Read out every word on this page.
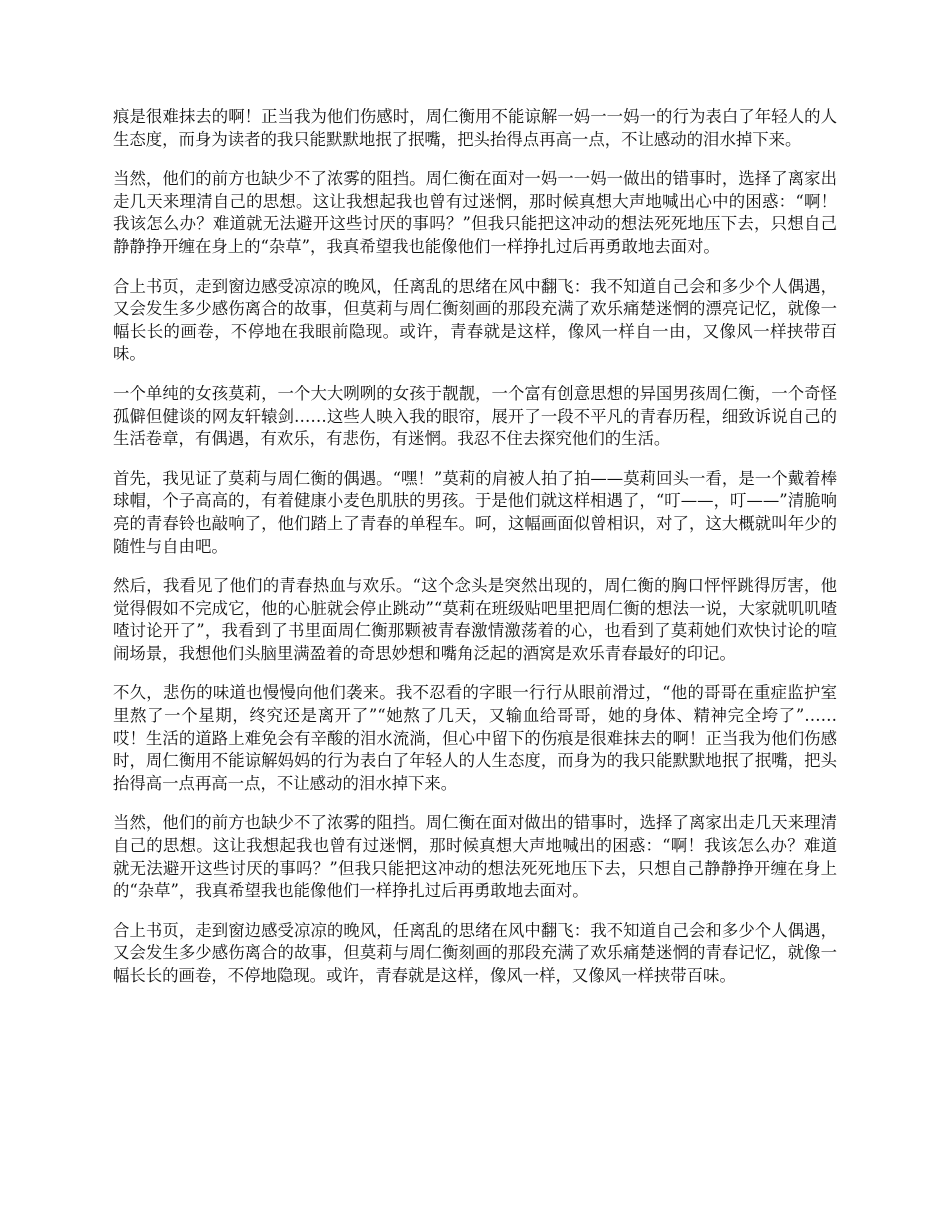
痕是很难抹去的啊！正当我为他们伤感时，周仁衡用不能谅解一妈一一妈一的行为表白了年轻人的人生态度，而身为读者的我只能默默地抿了抿嘴，把头抬得点再高一点，不让感动的泪水掉下来。

当然，他们的前方也缺少不了浓雾的阻挡。周仁衡在面对一妈一一妈一做出的错事时，选择了离家出走几天来理清自己的思想。这让我想起我也曾有过迷惘，那时候真想大声地喊出心中的困惑：“啊！我该怎么办？难道就无法避开这些讨厌的事吗？”但我只能把这冲动的想法死死地压下去，只想自己静静挣开缠在身上的“杂草”，我真希望我也能像他们一样挣扎过后再勇敢地去面对。

合上书页，走到窗边感受凉凉的晚风，任离乱的思绪在风中翻飞：我不知道自己会和多少个人偶遇，又会发生多少感伤离合的故事，但莫莉与周仁衡刻画的那段充满了欢乐痛楚迷惘的漂亮记忆，就像一幅长长的画卷，不停地在我眼前隐现。或许，青春就是这样，像风一样自一由，又像风一样挟带百味。

一个单纯的女孩莫莉，一个大大咧咧的女孩于靓靓，一个富有创意思想的异国男孩周仁衡，一个奇怪孤僻但健谈的网友轩辕剑……这些人映入我的眼帘，展开了一段不平凡的青春历程，细致诉说自己的生活卷章，有偶遇，有欢乐，有悲伤，有迷惘。我忍不住去探究他们的生活。

首先，我见证了莫莉与周仁衡的偶遇。“嘿！”莫莉的肩被人拍了拍——莫莉回头一看，是一个戴着棒球帽，个子高高的，有着健康小麦色肌肤的男孩。于是他们就这样相遇了，“叮——，叮——”清脆响亮的青春铃也敲响了，他们踏上了青春的单程车。呵，这幅画面似曾相识，对了，这大概就叫年少的随性与自由吧。

然后，我看见了他们的青春热血与欢乐。“这个念头是突然出现的，周仁衡的胸口怦怦跳得厉害，他觉得假如不完成它，他的心脏就会停止跳动”“莫莉在班级贴吧里把周仁衡的想法一说，大家就叽叽喳喳讨论开了”，我看到了书里面周仁衡那颗被青春激情激荡着的心，也看到了莫莉她们欢快讨论的喧闹场景，我想他们头脑里满盈着的奇思妙想和嘴角泛起的酒窝是欢乐青春最好的印记。

不久，悲伤的味道也慢慢向他们袭来。我不忍看的字眼一行行从眼前滑过，“他的哥哥在重症监护室里熬了一个星期，终究还是离开了”“她熬了几天，又输血给哥哥，她的身体、精神完全垮了”……哎！生活的道路上难免会有辛酸的泪水流淌，但心中留下的伤痕是很难抹去的啊！正当我为他们伤感时，周仁衡用不能谅解妈妈的行为表白了年轻人的人生态度，而身为的我只能默默地抿了抿嘴，把头抬得高一点再高一点，不让感动的泪水掉下来。

当然，他们的前方也缺少不了浓雾的阻挡。周仁衡在面对做出的错事时，选择了离家出走几天来理清自己的思想。这让我想起我也曾有过迷惘，那时候真想大声地喊出的困惑：“啊！我该怎么办？难道就无法避开这些讨厌的事吗？”但我只能把这冲动的想法死死地压下去，只想自己静静挣开缠在身上的“杂草”，我真希望我也能像他们一样挣扎过后再勇敢地去面对。

合上书页，走到窗边感受凉凉的晚风，任离乱的思绪在风中翻飞：我不知道自己会和多少个人偶遇，又会发生多少感伤离合的故事，但莫莉与周仁衡刻画的那段充满了欢乐痛楚迷惘的青春记忆，就像一幅长长的画卷，不停地隐现。或许，青春就是这样，像风一样，又像风一样挟带百味。
